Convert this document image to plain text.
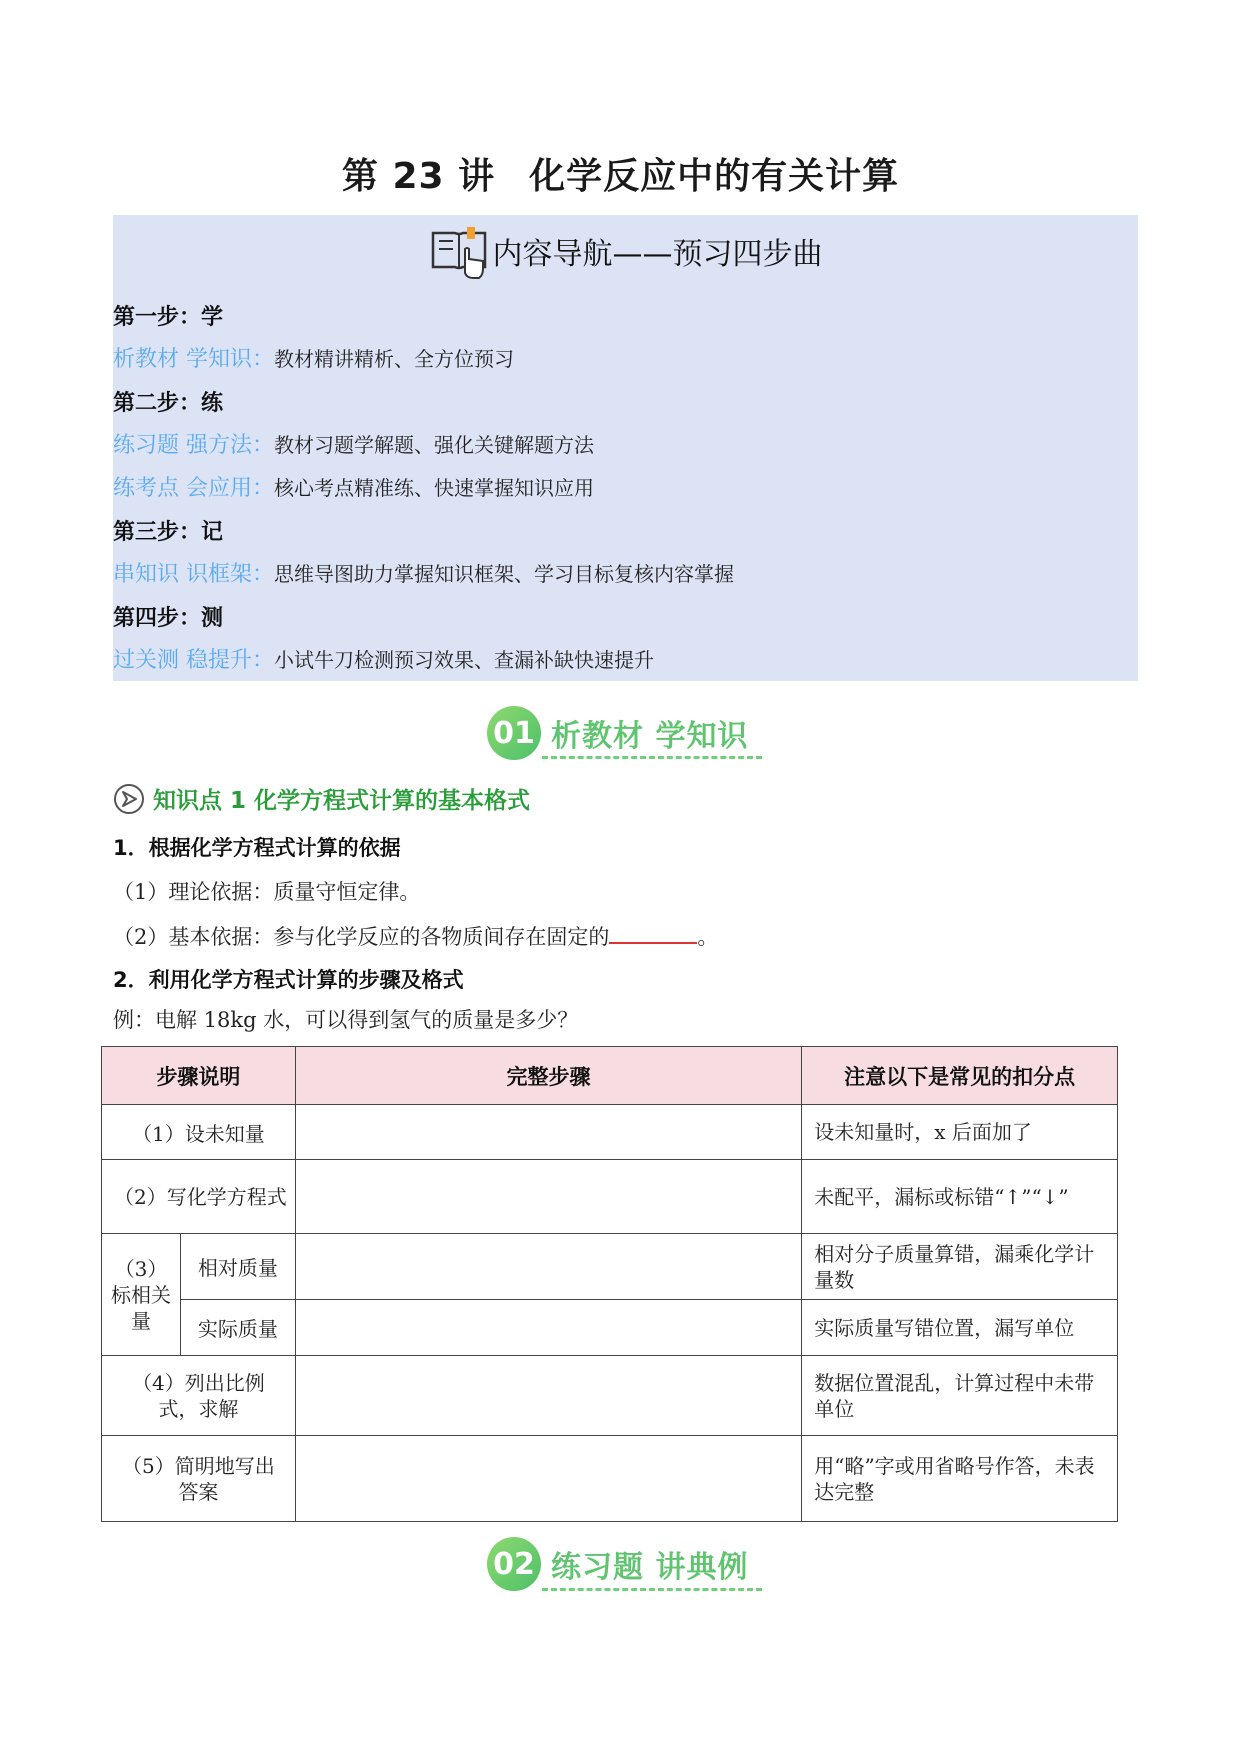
第 23 讲 化学反应中的有关计算
内容导航——预习四步曲
第一步：学
析教材 学知识：教材精讲精析、全方位预习
第二步：练
练习题 强方法：教材习题学解题、强化关键解题方法
练考点 会应用：核心考点精准练、快速掌握知识应用
第三步：记
串知识 识框架：思维导图助力掌握知识框架、学习目标复核内容掌握
第四步：测
过关测 稳提升：小试牛刀检测预习效果、查漏补缺快速提升
01 析教材 学知识
知识点 1 化学方程式计算的基本格式
1．根据化学方程式计算的依据
（1）理论依据：质量守恒定律。
（2）基本依据：参与化学反应的各物质间存在固定的	。
2．利用化学方程式计算的步骤及格式
例：电解 18kg 水，可以得到氢气的质量是多少？
步骤说明		完整步骤	注意以下是常见的扣分点
（1）设未知量			设未知量时，x 后面加了
（2）写化学方程式			未配平，漏标或标错“↑”“↓”
（3）标相关量	相对质量		相对分子质量算错，漏乘化学计量数
	实际质量		实际质量写错位置，漏写单位
（4）列出比例式，求解			数据位置混乱，计算过程中未带单位
（5）简明地写出答案			用“略”字或用省略号作答，未表达完整
02 练习题 讲典例
